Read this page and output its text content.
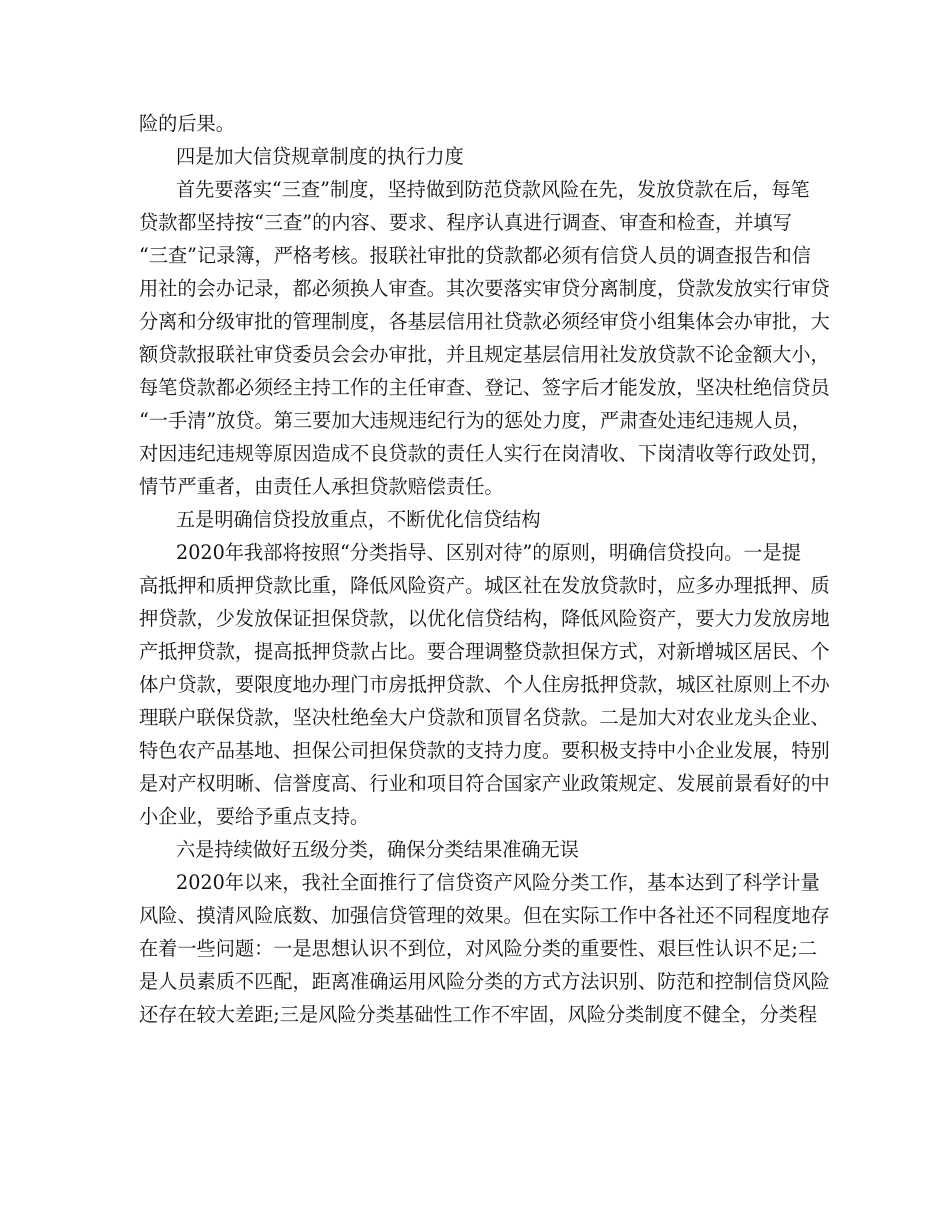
险的后果。
四是加大信贷规章制度的执行力度
首先要落实“三查”制度，坚持做到防范贷款风险在先，发放贷款在后，每笔
贷款都坚持按“三查”的内容、要求、程序认真进行调查、审查和检查，并填写
“三查”记录簿，严格考核。报联社审批的贷款都必须有信贷人员的调查报告和信
用社的会办记录，都必须换人审查。其次要落实审贷分离制度，贷款发放实行审贷
分离和分级审批的管理制度，各基层信用社贷款必须经审贷小组集体会办审批，大
额贷款报联社审贷委员会会办审批，并且规定基层信用社发放贷款不论金额大小，
每笔贷款都必须经主持工作的主任审查、登记、签字后才能发放，坚决杜绝信贷员
“一手清”放贷。第三要加大违规违纪行为的惩处力度，严肃查处违纪违规人员，
对因违纪违规等原因造成不良贷款的责任人实行在岗清收、下岗清收等行政处罚，
情节严重者，由责任人承担贷款赔偿责任。
五是明确信贷投放重点，不断优化信贷结构
2020年我部将按照“分类指导、区别对待”的原则，明确信贷投向。一是提
高抵押和质押贷款比重，降低风险资产。城区社在发放贷款时，应多办理抵押、质
押贷款，少发放保证担保贷款，以优化信贷结构，降低风险资产，要大力发放房地
产抵押贷款，提高抵押贷款占比。要合理调整贷款担保方式，对新增城区居民、个
体户贷款，要限度地办理门市房抵押贷款、个人住房抵押贷款，城区社原则上不办
理联户联保贷款，坚决杜绝垒大户贷款和顶冒名贷款。二是加大对农业龙头企业、
特色农产品基地、担保公司担保贷款的支持力度。要积极支持中小企业发展，特别
是对产权明晰、信誉度高、行业和项目符合国家产业政策规定、发展前景看好的中
小企业，要给予重点支持。
六是持续做好五级分类，确保分类结果准确无误
2020年以来，我社全面推行了信贷资产风险分类工作，基本达到了科学计量
风险、摸清风险底数、加强信贷管理的效果。但在实际工作中各社还不同程度地存
在着一些问题：一是思想认识不到位，对风险分类的重要性、艰巨性认识不足;二
是人员素质不匹配，距离准确运用风险分类的方式方法识别、防范和控制信贷风险
还存在较大差距;三是风险分类基础性工作不牢固，风险分类制度不健全，分类程
